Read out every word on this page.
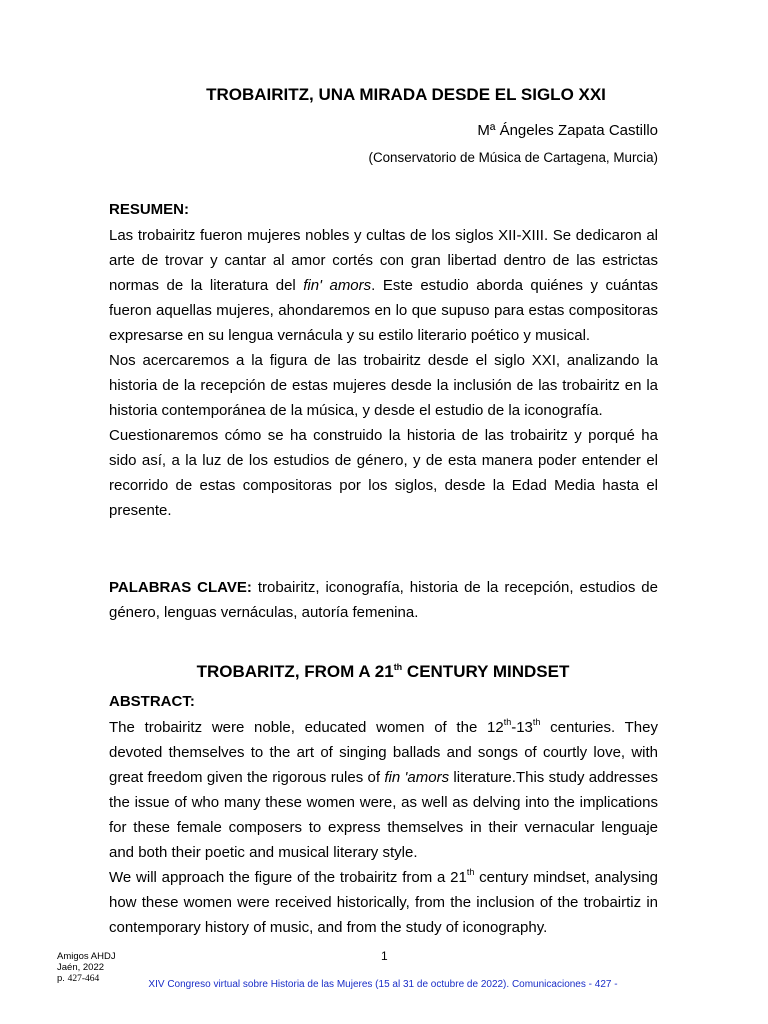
TROBAIRITZ, UNA MIRADA DESDE EL SIGLO XXI
Mª Ángeles Zapata Castillo
(Conservatorio de Música de Cartagena, Murcia)
RESUMEN:

Las trobairitz fueron mujeres nobles y cultas de los siglos XII-XIII. Se dedicaron al arte de trovar y cantar al amor cortés con gran libertad dentro de las estrictas normas de la literatura del fin' amors. Este estudio aborda quiénes y cuántas fueron aquellas mujeres, ahondaremos en lo que supuso para estas compositoras expresarse en su lengua vernácula y su estilo literario poético y musical.

Nos acercaremos a la figura de las trobairitz desde el siglo XXI, analizando la historia de la recepción de estas mujeres desde la inclusión de las trobairitz en la historia contemporánea de la música, y desde el estudio de la iconografía.

Cuestionaremos cómo se ha construido la historia de las trobairitz y porqué ha sido así, a la luz de los estudios de género, y de esta manera poder entender el recorrido de estas compositoras por los siglos, desde la Edad Media hasta el presente.

PALABRAS CLAVE: trobairitz, iconografía, historia de la recepción, estudios de género, lenguas vernáculas, autoría femenina.

TROBARITZ, FROM A 21th CENTURY MINDSET
ABSTRACT:

The trobairitz were noble, educated women of the 12th-13th centuries. They devoted themselves to the art of singing ballads and songs of courtly love, with great freedom given the rigorous rules of fin 'amors literature.This study addresses the issue of who many these women were, as well as delving into the implications for these female composers to express themselves in their vernacular lenguaje and both their poetic and musical literary style.

We will approach the figure of the trobairitz from a 21th century mindset, analysing how these women were received historically, from the inclusion of the trobairtiz in contemporary history of music, and from the study of iconography.

Amigos AHDJ
Jaén, 2022
p. 427-464
1
XIV Congreso virtual sobre Historia de las Mujeres (15 al 31 de octubre de 2022). Comunicaciones - 427 -
